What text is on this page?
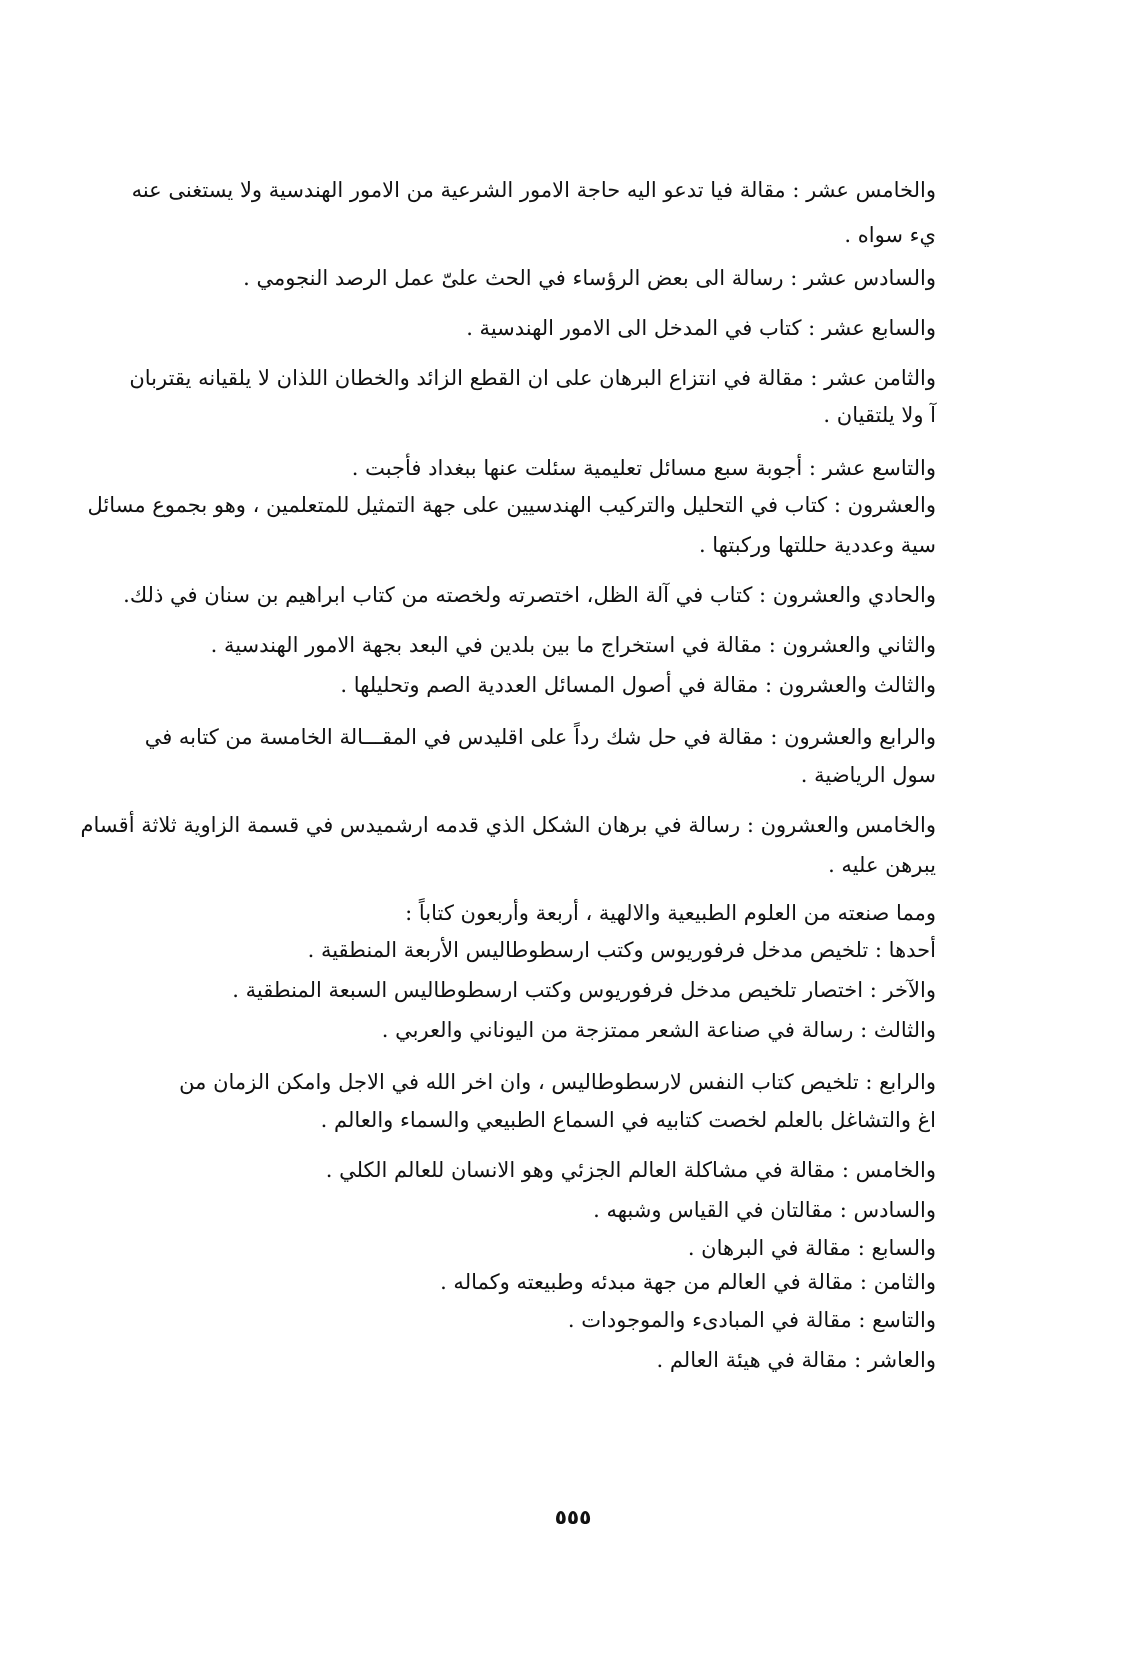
والخامس عشر : مقالة فيا تدعو اليه حاجة الامور الشرعية من الامور الهندسية ولا يستغنى عنه
يء سواه .
والسادس عشر : رسالة الى بعض الرؤساء في الحث علىّ عمل الرصد النجومي .
والسابع عشر : كتاب في المدخل الى الامور الهندسية .
والثامن عشر : مقالة في انتزاع البرهان على ان القطع الزائد والخطان اللذان لا يلقيانه يقتربان
آ ولا يلتقيان .
والتاسع عشر : أجوبة سبع مسائل تعليمية سئلت عنها ببغداد فأجبت .
والعشرون : كتاب في التحليل والتركيب الهندسيين على جهة التمثيل للمتعلمين ، وهو بجموع مسائل
سية وعددية حللتها وركبتها .
والحادي والعشرون : كتاب في آلة الظل، اختصرته ولخصته من كتاب ابراهيم بن سنان في ذلك.
والثاني والعشرون : مقالة في استخراج ما بين بلدين في البعد بجهة الامور الهندسية .
والثالث والعشرون : مقالة في أصول المسائل العددية الصم وتحليلها .
والرابع والعشرون : مقالة في حل شك رداً على اقليدس في المقـــالة الخامسة من كتابه في
سول الرياضية .
والخامس والعشرون : رسالة في برهان الشكل الذي قدمه ارشميدس في قسمة الزاوية ثلاثة أقسام
يبرهن عليه .
ومما صنعته من العلوم الطبيعية والالهية ، أربعة وأربعون كتاباً :
أحدها : تلخيص مدخل فرفوريوس وكتب ارسطوطاليس الأربعة المنطقية .
والآخر : اختصار تلخيص مدخل فرفوريوس وكتب ارسطوطاليس السبعة المنطقية .
والثالث : رسالة في صناعة الشعر ممتزجة من اليوناني والعربي .
والرابع : تلخيص كتاب النفس لارسطوطاليس ، وان اخر الله في الاجل وامكن الزمان من
اغ والتشاغل بالعلم لخصت كتابيه في السماع الطبيعي والسماء والعالم .
والخامس : مقالة في مشاكلة العالم الجزئي وهو الانسان للعالم الكلي .
والسادس : مقالتان في القياس وشبهه .
والسابع : مقالة في البرهان .
والثامن : مقالة في العالم من جهة مبدئه وطبيعته وكماله .
والتاسع : مقالة في المبادىء والموجودات .
والعاشر : مقالة في هيئة العالم .
٥٥٥
